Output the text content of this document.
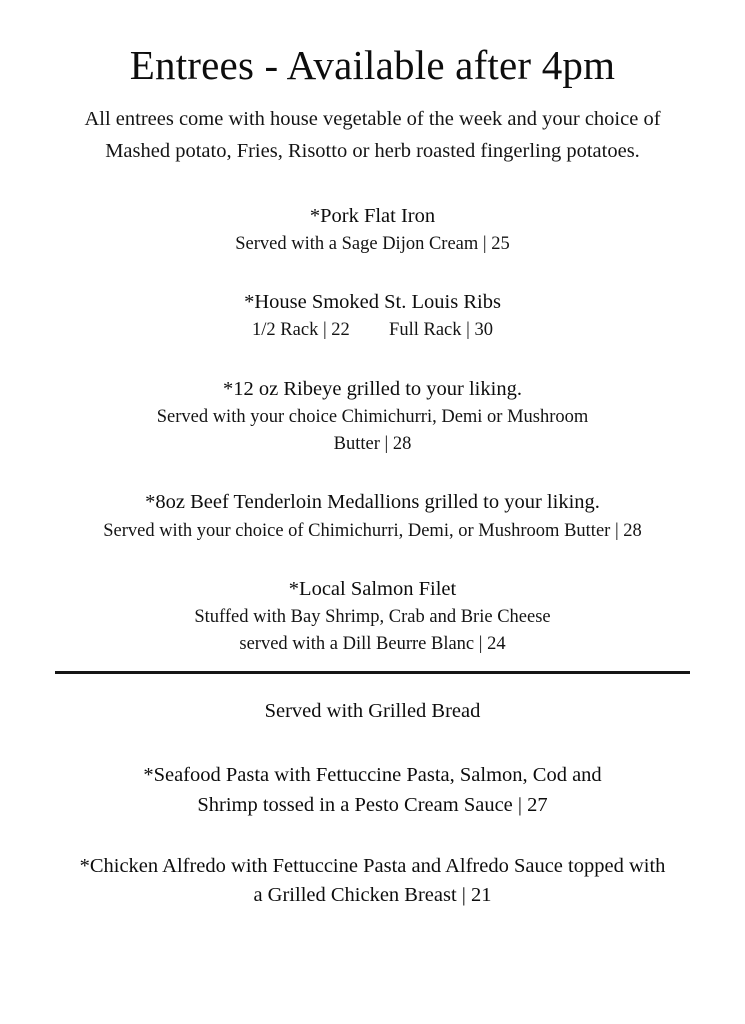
Entrees - Available after 4pm

All entrees come with house vegetable of the week and your choice of
Mashed potato, Fries, Risotto or herb roasted fingerling potatoes.

*Pork Flat Iron

Served with a Sage Dijon Cream | 25

*House Smoked St. Louis Ribs

1/2 Rack | 22 Full Rack | 30

*12 oz Ribeye grilled to your liking.

Served with your choice Chimichurri, Demi or Mushroom
Butter | 28

*8oz Beef Tenderloin Medallions grilled to your liking.

Served with your choice of Chimichurri, Demi, or Mushroom Butter | 28

*Local Salmon Filet

Stuffed with Bay Shrimp, Crab and Brie Cheese
served with a Dill Beurre Blanc | 24

Served with Grilled Bread

*Seafood Pasta with Fettuccine Pasta, Salmon, Cod and
Shrimp tossed in a Pesto Cream Sauce | 27

*Chicken Alfredo with Fettuccine Pasta and Alfredo Sauce topped with
a Grilled Chicken Breast | 21
